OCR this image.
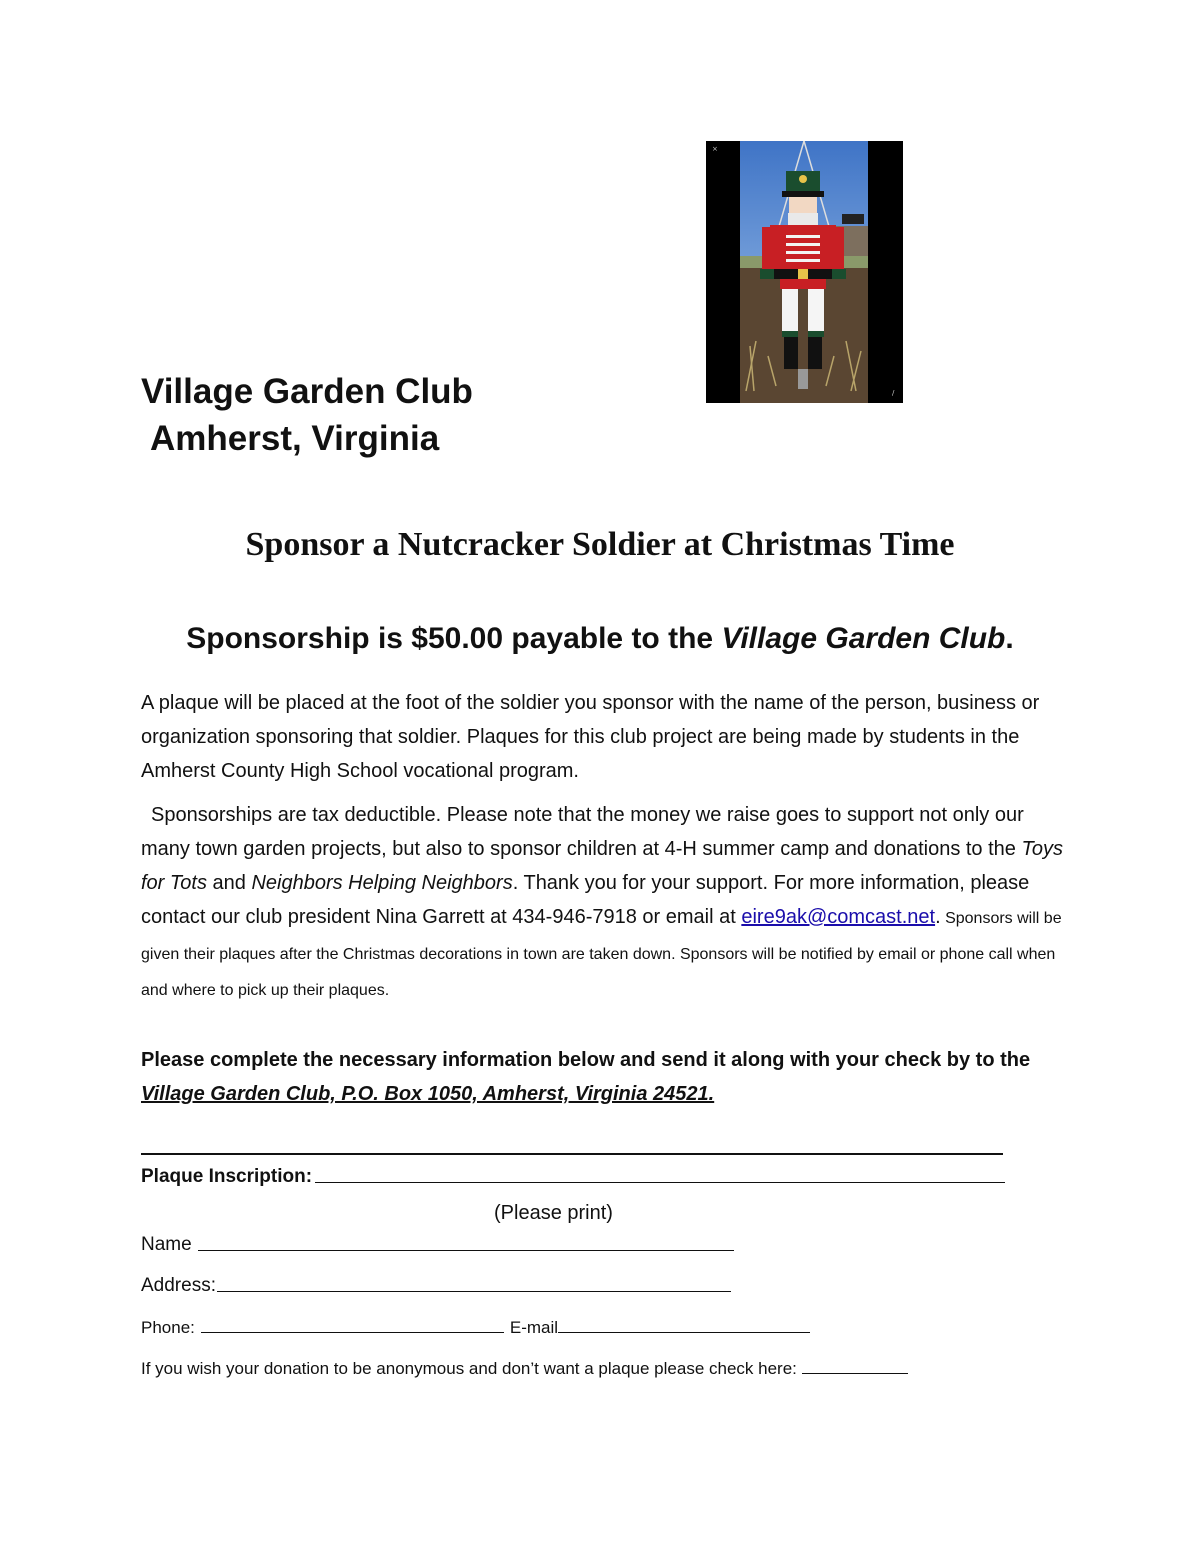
Village Garden Club
Amherst, Virginia
×
/
Sponsor a Nutcracker Soldier at Christmas Time
Sponsorship is $50.00 payable to the Village Garden Club.

A plaque will be placed at the foot of the soldier you sponsor with the name of the person, business or organization sponsoring that soldier. Plaques for this club project are being made by students in the Amherst County High School vocational program.

Sponsorships are tax deductible. Please note that the money we raise goes to support not only our many town garden projects, but also to sponsor children at 4-H summer camp and donations to the Toys for Tots and Neighbors Helping Neighbors. Thank you for your support. For more information, please contact our club president Nina Garrett at 434-946-7918 or email at eire9ak@comcast.net. Sponsors will be given their plaques after the Christmas decorations in town are taken down. Sponsors will be notified by email or phone call when and where to pick up their plaques.

Please complete the necessary information below and send it along with your check by to the Village Garden Club, P.O. Box 1050, Amherst, Virginia 24521.

Plaque Inscription:
(Please print)
Name
Address:
Phone:	E-mail
If you wish your donation to be anonymous and don’t want a plaque please check here:
